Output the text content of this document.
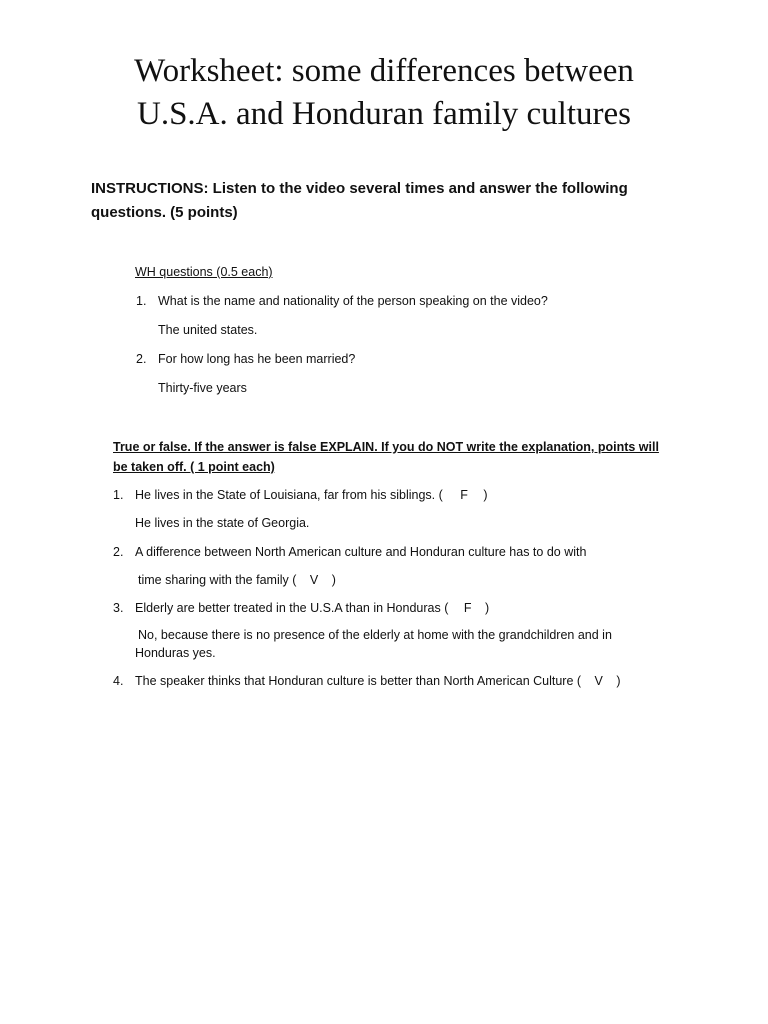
Worksheet: some differences between
U.S.A. and Honduran family cultures
INSTRUCTIONS: Listen to the video several times and answer the following questions. (5 points)
WH questions (0.5 each)
1. What is the name and nationality of the person speaking on the video?
The united states.
2. For how long has he been married?
Thirty-five years
True or false. If the answer is false EXPLAIN. If you do NOT write the explanation, points will be taken off. ( 1 point each)
1. He lives in the State of Louisiana, far from his siblings. ( F )
He lives in the state of Georgia.
2. A difference between North American culture and Honduran culture has to do with
time sharing with the family ( V )
3. Elderly are better treated in the U.S.A than in Honduras ( F )
No, because there is no presence of the elderly at home with the grandchildren and in
Honduras yes.
4. The speaker thinks that Honduran culture is better than North American Culture ( V )
